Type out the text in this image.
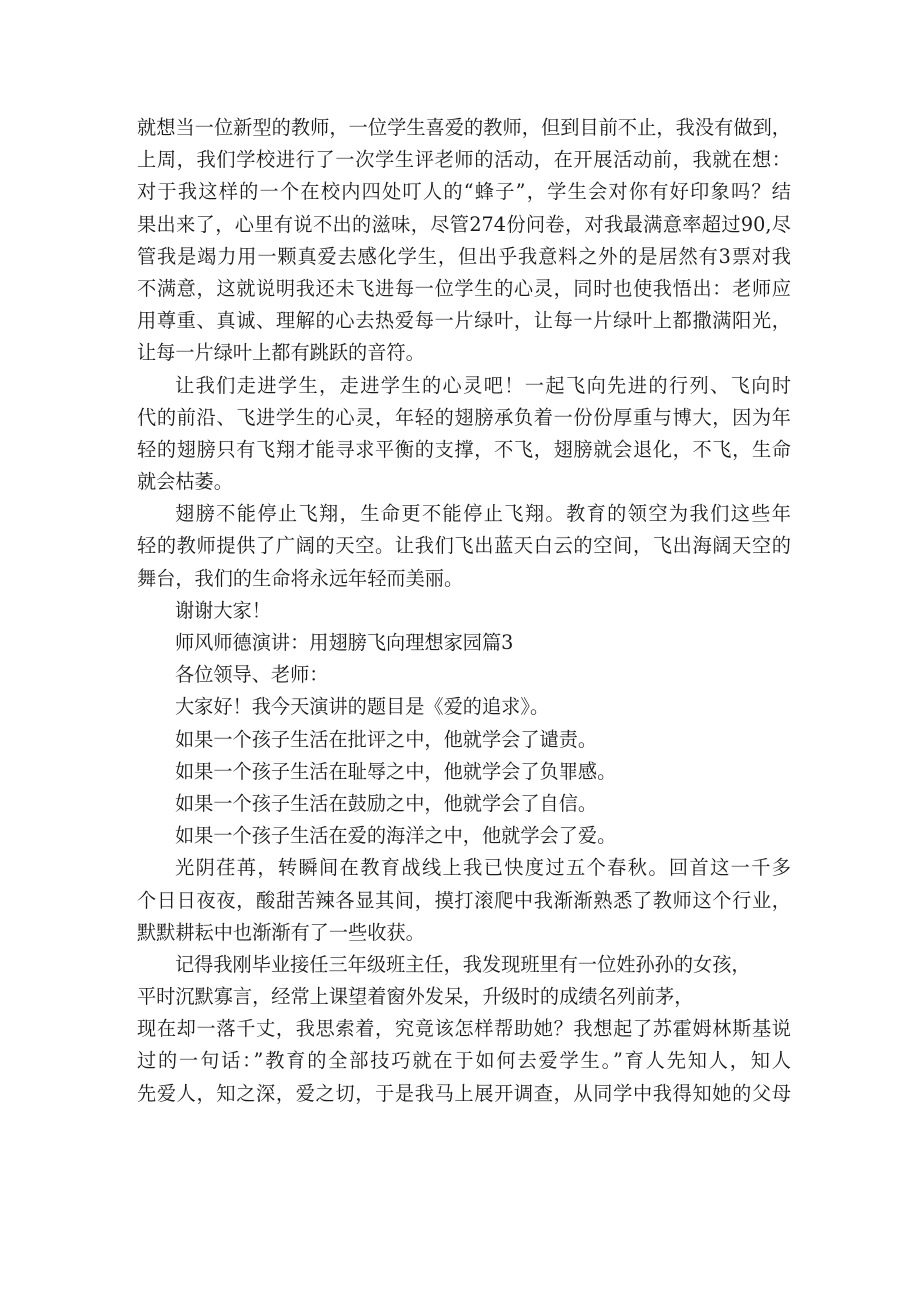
就想当一位新型的教师，一位学生喜爱的教师，但到目前不止，我没有做到，
上周，我们学校进行了一次学生评老师的活动，在开展活动前，我就在想：
对于我这样的一个在校内四处叮人的“蜂子”，学生会对你有好印象吗？结
果出来了，心里有说不出的滋味，尽管274份问卷，对我最满意率超过90,尽
管我是竭力用一颗真爱去感化学生，但出乎我意料之外的是居然有3票对我
不满意，这就说明我还未飞进每一位学生的心灵，同时也使我悟出：老师应
用尊重、真诚、理解的心去热爱每一片绿叶，让每一片绿叶上都撒满阳光，
让每一片绿叶上都有跳跃的音符。
让我们走进学生，走进学生的心灵吧！一起飞向先进的行列、飞向时
代的前沿、飞进学生的心灵，年轻的翅膀承负着一份份厚重与博大，因为年
轻的翅膀只有飞翔才能寻求平衡的支撑，不飞，翅膀就会退化，不飞，生命
就会枯萎。
翅膀不能停止飞翔，生命更不能停止飞翔。教育的领空为我们这些年
轻的教师提供了广阔的天空。让我们飞出蓝天白云的空间，飞出海阔天空的
舞台，我们的生命将永远年轻而美丽。
谢谢大家！
师风师德演讲：用翅膀飞向理想家园篇3
各位领导、老师：
大家好！我今天演讲的题目是《爱的追求》。
如果一个孩子生活在批评之中，他就学会了谴责。
如果一个孩子生活在耻辱之中，他就学会了负罪感。
如果一个孩子生活在鼓励之中，他就学会了自信。
如果一个孩子生活在爱的海洋之中，他就学会了爱。
光阴荏苒，转瞬间在教育战线上我已快度过五个春秋。回首这一千多
个日日夜夜，酸甜苦辣各显其间，摸打滚爬中我渐渐熟悉了教师这个行业，
默默耕耘中也渐渐有了一些收获。
记得我刚毕业接任三年级班主任，我发现班里有一位姓孙孙的女孩，
平时沉默寡言，经常上课望着窗外发呆，升级时的成绩名列前茅，
现在却一落千丈，我思索着，究竟该怎样帮助她？我想起了苏霍姆林斯基说
过的一句话：”教育的全部技巧就在于如何去爱学生。”育人先知人，知人
先爱人，知之深，爱之切，于是我马上展开调查，从同学中我得知她的父母
